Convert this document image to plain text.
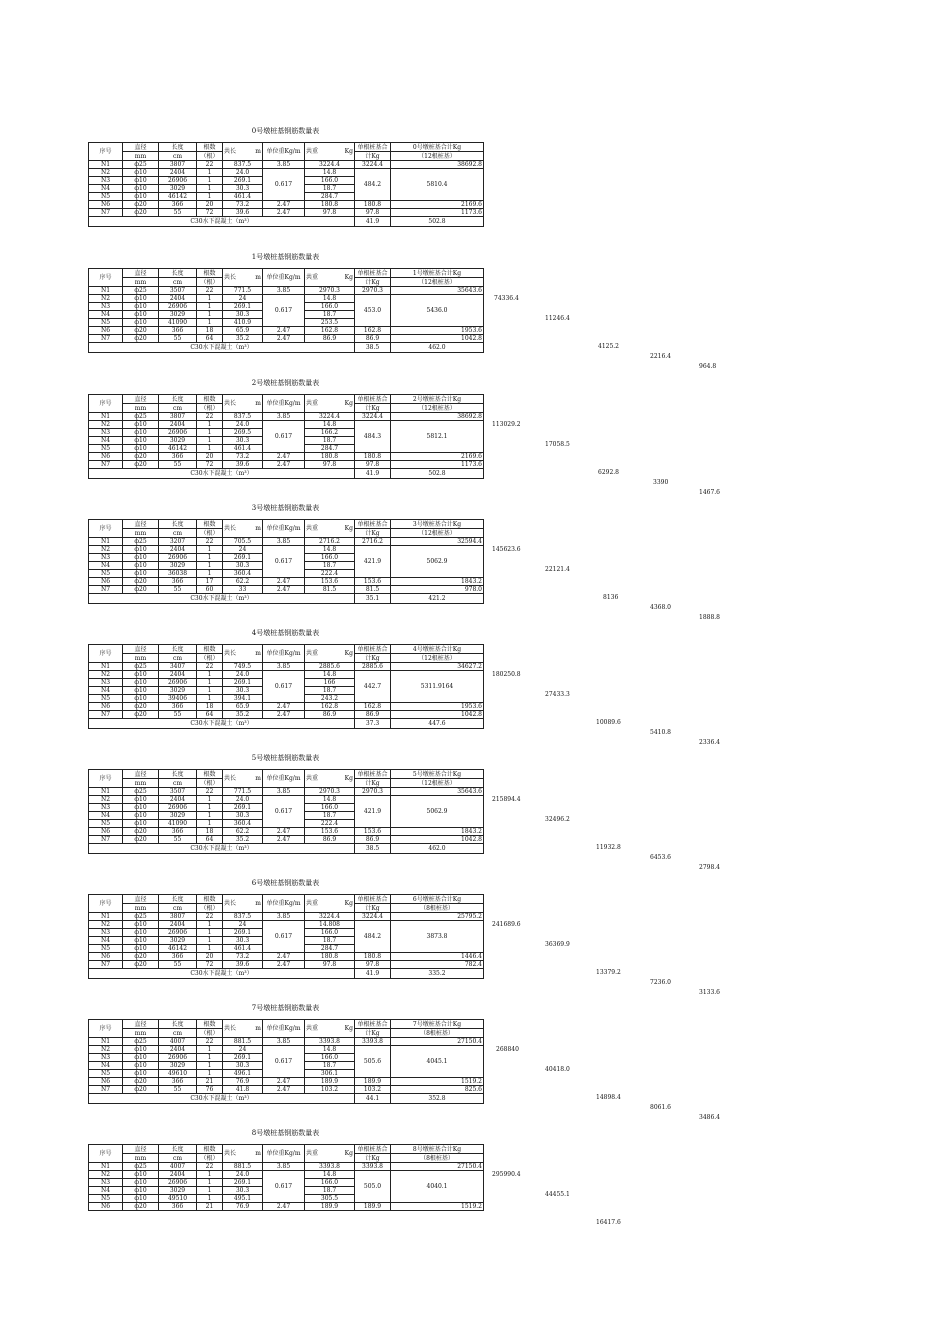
0号墩桩基钢筋数量表
序号	直径	长度	根数	共长 m	单位重Kg/m	共重 Kg	单根桩基合	0号墩桩基合计Kg
	mm	cm	（根）				计Kg	（12根桩基）
N1	ф25	3807	22	837.5	3.85	3224.4	3224.4	38692.8
N2	ф10	2404	1	24.0	0.617	14.8	484.2	5810.4
N3	ф10	26906	1	269.1		166.0		
N4	ф10	3029	1	30.3		18.7		
N5	ф10	46142	1	461.4		284.7		
N6	ф20	366	20	73.2	2.47	180.8	180.8	2169.6
N7	ф20	55	72	39.6	2.47	97.8	97.8	1173.6
C30水下混凝土（m³）							41.9	502.8
1号墩桩基钢筋数量表
序号	直径	长度	根数	共长 m	单位重Kg/m	共重 Kg	单根桩基合	1号墩桩基合计Kg
	mm	cm	（根）				计Kg	（12根桩基）
N1	ф25	3507	22	771.5	3.85	2970.3	2970.3	35643.6
N2	ф10	2404	1	24	0.617	14.8	453.0	5436.0
N3	ф10	26906	1	269.1		166.0		
N4	ф10	3029	1	30.3		18.7		
N5	ф10	41090	1	410.9		253.5		
N6	ф20	366	18	65.9	2.47	162.8	162.8	1953.6
N7	ф20	55	64	35.2	2.47	86.9	86.9	1042.8
C30水下混凝土（m³）							38.5	462.0
74336.4
11246.4
4125.2
2216.4
964.8
2号墩桩基钢筋数量表
序号	直径	长度	根数	共长 m	单位重Kg/m	共重 Kg	单根桩基合	2号墩桩基合计Kg
	mm	cm	（根）				计Kg	（12根桩基）
N1	ф25	3807	22	837.5	3.85	3224.4	3224.4	38692.8
N2	ф10	2404	1	24.0	0.617	14.8	484.3	5812.1
N3	ф10	26906	1	269.5		166.2		
N4	ф10	3029	1	30.3		18.7		
N5	ф10	46142	1	461.4		284.7		
N6	ф20	366	20	73.2	2.47	180.8	180.8	2169.6
N7	ф20	55	72	39.6	2.47	97.8	97.8	1173.6
C30水下混凝土（m³）							41.9	502.8
113029.2
17058.5
6292.8
3390
1467.6
3号墩桩基钢筋数量表
序号	直径	长度	根数	共长 m	单位重Kg/m	共重 Kg	单根桩基合	3号墩桩基合计Kg
	mm	cm	（根）				计Kg	（12根桩基）
N1	ф25	3207	22	705.5	3.85	2716.2	2716.2	32594.4
N2	ф10	2404	1	24	0.617	14.8	421.9	5062.9
N3	ф10	26906	1	269.1		166.0		
N4	ф10	3029	1	30.3		18.7		
N5	ф10	36038	1	360.4		222.4		
N6	ф20	366	17	62.2	2.47	153.6	153.6	1843.2
N7	ф20	55	60	33	2.47	81.5	81.5	978.0
C30水下混凝土（m³）							35.1	421.2
145623.6
22121.4
8136
4368.0
1888.8
4号墩桩基钢筋数量表
序号	直径	长度	根数	共长 m	单位重Kg/m	共重 Kg	单根桩基合	4号墩桩基合计Kg
	mm	cm	（根）				计Kg	（12根桩基）
N1	ф25	3407	22	749.5	3.85	2885.6	2885.6	34627.2
N2	ф10	2404	1	24.0	0.617	14.8	442.7	5311.9164
N3	ф10	26906	1	269.1		166		
N4	ф10	3029	1	30.3		18.7		
N5	ф10	39406	1	394.1		243.2		
N6	ф20	366	18	65.9	2.47	162.8	162.8	1953.6
N7	ф20	55	64	35.2	2.47	86.9	86.9	1042.8
C30水下混凝土（m³）							37.3	447.6
180250.8
27433.3
10089.6
5410.8
2336.4
5号墩桩基钢筋数量表
序号	直径	长度	根数	共长 m	单位重Kg/m	共重 Kg	单根桩基合	5号墩桩基合计Kg
	mm	cm	（根）				计Kg	（12根桩基）
N1	ф25	3507	22	771.5	3.85	2970.3	2970.3	35643.6
N2	ф10	2404	1	24.0	0.617	14.8	421.9	5062.9
N3	ф10	26906	1	269.1		166.0		
N4	ф10	3029	1	30.3		18.7		
N5	ф10	41090	1	360.4		222.4		
N6	ф20	366	18	62.2	2.47	153.6	153.6	1843.2
N7	ф20	55	64	35.2	2.47	86.9	86.9	1042.8
C30水下混凝土（m³）							38.5	462.0
215894.4
32496.2
11932.8
6453.6
2798.4
6号墩桩基钢筋数量表
序号	直径	长度	根数	共长 m	单位重Kg/m	共重 Kg	单根桩基合	6号墩桩基合计Kg
	mm	cm	（根）				计Kg	（8根桩基）
N1	ф25	3807	22	837.5	3.85	3224.4	3224.4	25795.2
N2	ф10	2404	1	24	0.617	14.808	484.2	3873.8
N3	ф10	26906	1	269.1		166.0		
N4	ф10	3029	1	30.3		18.7		
N5	ф10	46142	1	461.4		284.7		
N6	ф20	366	20	73.2	2.47	180.8	180.8	1446.4
N7	ф20	55	72	39.6	2.47	97.8	97.8	782.4
C30水下混凝土（m³）							41.9	335.2
241689.6
36369.9
13379.2
7236.0
3133.6
7号墩桩基钢筋数量表
序号	直径	长度	根数	共长 m	单位重Kg/m	共重 Kg	单根桩基合	7号墩桩基合计Kg
	mm	cm	（根）				计Kg	（8根桩基）
N1	ф25	4007	22	881.5	3.85	3393.8	3393.8	27150.4
N2	ф10	2404	1	24	0.617	14.8	505.6	4045.1
N3	ф10	26906	1	269.1		166.0		
N4	ф10	3029	1	30.3		18.7		
N5	ф10	49610	1	496.1		306.1		
N6	ф20	366	21	76.9	2.47	189.9	189.9	1519.2
N7	ф20	55	76	41.8	2.47	103.2	103.2	825.6
C30水下混凝土（m³）							44.1	352.8
268840
40418.0
14898.4
8061.6
3486.4
8号墩桩基钢筋数量表
序号	直径	长度	根数	共长 m	单位重Kg/m	共重 Kg	单根桩基合	8号墩桩基合计Kg
	mm	cm	（根）				计Kg	（8根桩基）
N1	ф25	4007	22	881.5	3.85	3393.8	3393.8	27150.4
N2	ф10	2404	1	24.0	0.617	14.8	505.0	4040.1
N3	ф10	26906	1	269.1		166.0		
N4	ф10	3029	1	30.3		18.7		
N5	ф10	49510	1	495.1		305.5		
N6	ф20	366	21	76.9	2.47	189.9	189.9	1519.2
295990.4
44455.1
16417.6
